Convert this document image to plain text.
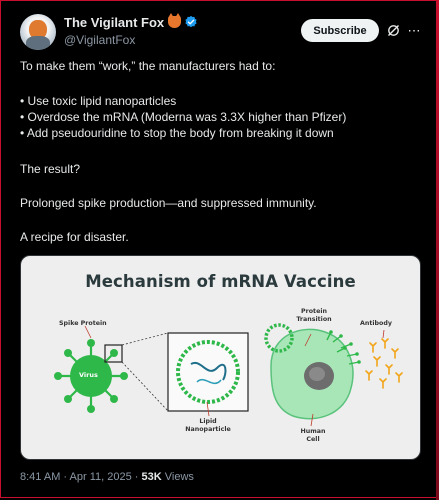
The Vigilant Fox
@VigilantFox
Subscribe	⋯
To make them “work,” the manufacturers had to:
• Use toxic lipid nanoparticles
• Overdose the mRNA (Moderna was 3.3X higher than Pfizer)
• Add pseudouridine to stop the body from breaking it down
The result?
Prolonged spike production—and suppressed immunity.
A recipe for disaster.
Mechanism of mRNA Vaccine
Spike Protein
Virus
Lipid
Nanoparticle
Protein
Transition
Antibody
Human
Cell
8:41 AM · Apr 11, 2025 · 53K Views
